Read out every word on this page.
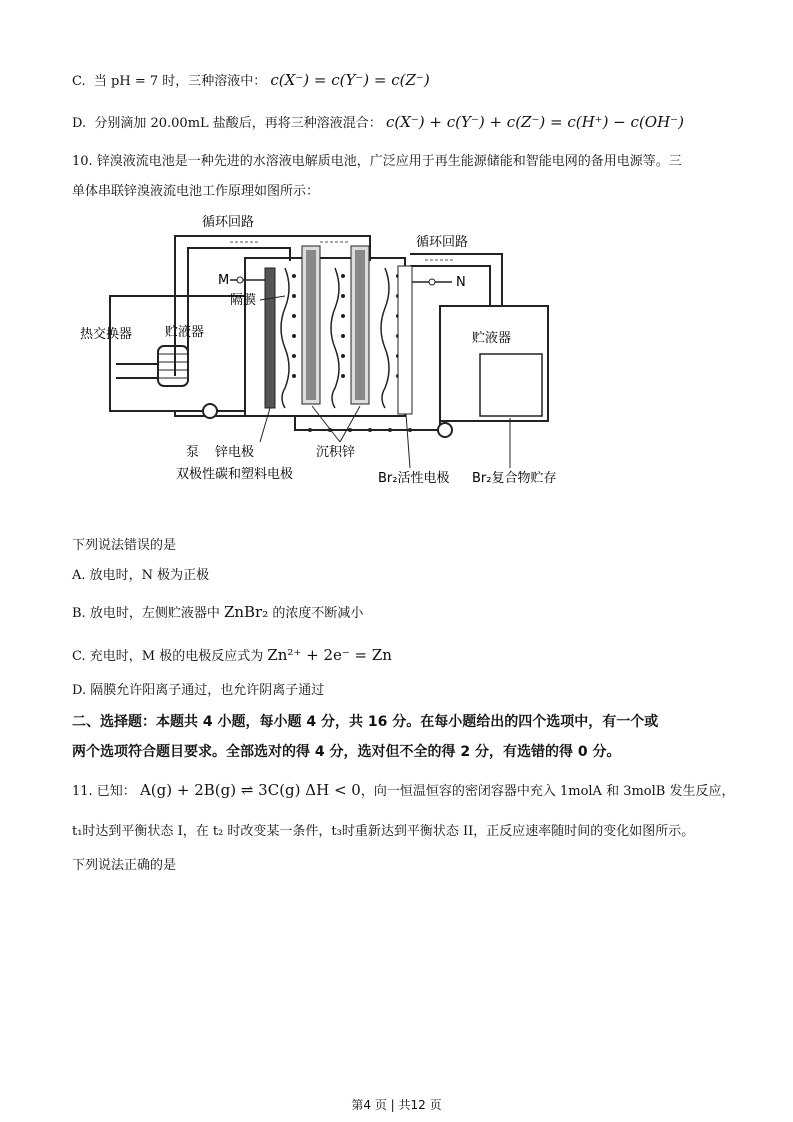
C. 当 pH = 7 时，三种溶液中： c(X⁻) = c(Y⁻) = c(Z⁻)
D. 分别滴加 20.00mL 盐酸后，再将三种溶液混合： c(X⁻) + c(Y⁻) + c(Z⁻) = c(H⁺) − c(OH⁻)
10. 锌溴液流电池是一种先进的水溶液电解质电池，广泛应用于再生能源储能和智能电网的备用电源等。三
单体串联锌溴液流电池工作原理如图所示：
循环回路
循环回路
贮液器
热交换器
M	N
隔膜
贮液器
泵 锌电极	沉积锌
双极性碳和塑料电极	Br₂活性电极 Br₂复合物贮存
下列说法错误的是
A. 放电时，N 极为正极
B. 放电时，左侧贮液器中 ZnBr₂ 的浓度不断减小
C. 充电时，M 极的电极反应式为 Zn²⁺ + 2e⁻ = Zn
D. 隔膜允许阳离子通过，也允许阴离子通过
二、选择题：本题共 4 小题，每小题 4 分，共 16 分。在每小题给出的四个选项中，有一个或
两个选项符合题目要求。全部选对的得 4 分，选对但不全的得 2 分，有选错的得 0 分。
11. 已知： A(g) + 2B(g) ⇌ 3C(g) ΔH < 0，向一恒温恒容的密闭容器中充入 1molA 和 3molB 发生反应，
t₁时达到平衡状态 I，在 t₂ 时改变某一条件，t₃时重新达到平衡状态 II，正反应速率随时间的变化如图所示。
下列说法正确的是
第4 页 | 共12 页
